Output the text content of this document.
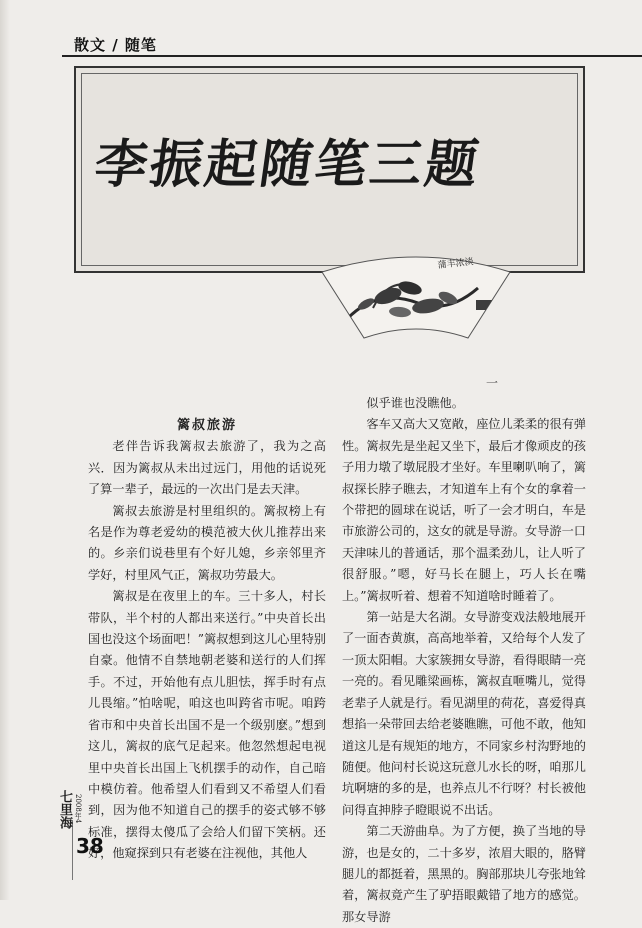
散文 / 随笔

李振起随笔三题
蒲丰浓淡

篱叔旅游

老伴告诉我篱叔去旅游了，我为之高兴．因为篱叔从未出过远门，用他的话说死了算一辈子，最远的一次出门是去天津。

篱叔去旅游是村里组织的。篱叔榜上有名是作为尊老爱幼的模范被大伙儿推荐出来的。乡亲们说巷里有个好儿媳，乡亲邻里齐学好，村里风气正，篱叔功劳最大。

篱叔是在夜里上的车。三十多人，村长带队，半个村的人都出来送行。”中央首长出国也没这个场面吧！”篱叔想到这儿心里特别自豪。他情不自禁地朝老婆和送行的人们挥手。不过，开始他有点儿胆怯，挥手时有点儿畏缩。”怕啥呢，咱这也叫跨省市呢。咱跨省市和中央首长出国不是一个级别麽。”想到这儿，篱叔的底气足起来。他忽然想起电视里中央首长出国上飞机摆手的动作，自己暗中模仿着。他希望人们看到又不希望人们看到，因为他不知道自己的摆手的姿式够不够标准，摆得太傻瓜了会给人们留下笑柄。还好，他窥探到只有老婆在注视他，其他人

似乎谁也没瞧他。

客车又高大又宽敞，座位儿柔柔的很有弹性。篱叔先是坐起又坐下，最后才像顽皮的孩子用力墩了墩屁股才坐好。车里喇叭响了，篱叔探长脖子瞧去，才知道车上有个女的拿着一个带把的圆球在说话，听了一会才明白，车是市旅游公司的，这女的就是导游。女导游一口天津味儿的普通话，那个温柔劲儿，让人听了很舒服。”嗯，好马长在腿上，巧人长在嘴上。”篱叔听着、想着不知道啥时睡着了。

第一站是大名湖。女导游变戏法般地展开了一面杏黄旗，高高地举着，又给每个人发了一顶太阳帽。大家簇拥女导游，看得眼睛一亮一亮的。看见雕梁画栋，篱叔直咂嘴儿，觉得老辈子人就是行。看见湖里的荷花，喜爱得真想掐一朵带回去给老婆瞧瞧，可他不敢，他知道这儿是有规矩的地方，不同家乡村沟野地的随便。他问村长说这玩意儿水长的呀，咱那儿坑啊塘的多的是，也养点儿不行呀？村长被他问得直抻脖子瞪眼说不出话。

第二天游曲阜。为了方便，换了当地的导游，也是女的，二十多岁，浓眉大眼的，胳臂腿儿的都挺着，黑黑的。胸部那块儿夸张地耸着，篱叔竟产生了驴捂眼戴错了地方的感觉。那女导游

一
七里海 2008年4
38
